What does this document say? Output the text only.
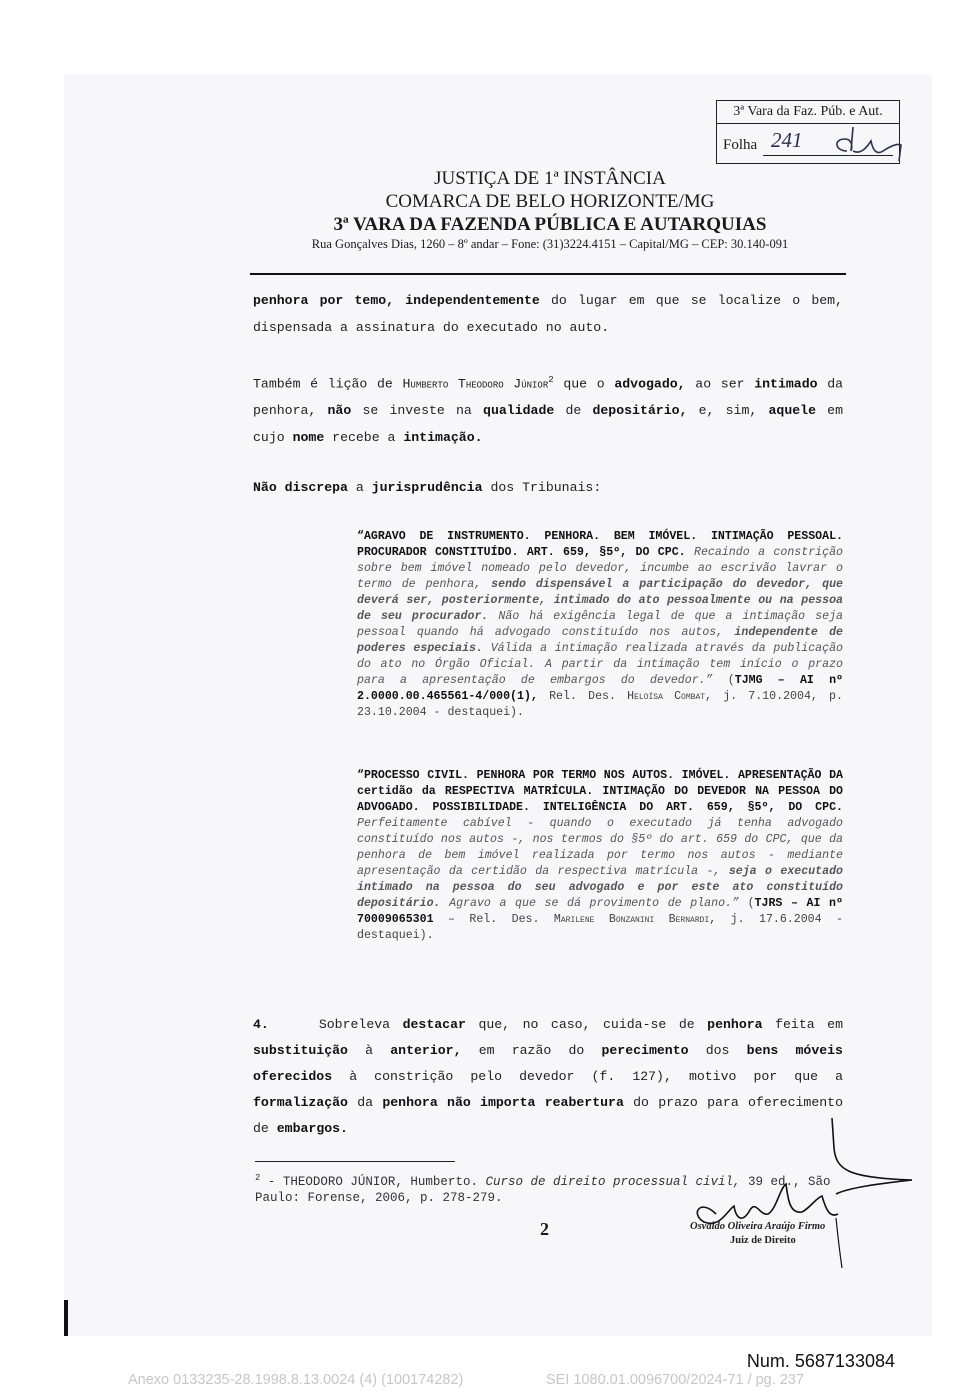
3ª Vara da Faz. Púb. e Aut.
Folha 241
JUSTIÇA DE 1ª INSTÂNCIA
COMARCA DE BELO HORIZONTE/MG
3ª VARA DA FAZENDA PÚBLICA E AUTARQUIAS
Rua Gonçalves Dias, 1260 – 8º andar – Fone: (31)3224.4151 – Capital/MG – CEP: 30.140-091
penhora por temo, independentemente do lugar em que se localize o bem, dispensada a assinatura do executado no auto.
Também é lição de Humberto Theodoro Júnior$^2$ que o advogado, ao ser intimado da penhora, não se investe na qualidade de depositário, e, sim, aquele em cujo nome recebe a intimação.
Não discrepa a jurisprudência dos Tribunais:
“AGRAVO DE INSTRUMENTO. PENHORA. BEM IMÓVEL. INTIMAÇÃO PESSOAL. PROCURADOR CONSTITUÍDO. ART. 659, §5º, DO CPC. Recaindo a constrição sobre bem imóvel nomeado pelo devedor, incumbe ao escrivão lavrar o termo de penhora, sendo dispensável a participação do devedor, que deverá ser, posteriormente, intimado do ato pessoalmente ou na pessoa de seu procurador. Não há exigência legal de que a intimação seja pessoal quando há advogado constituído nos autos, independente de poderes especiais. Válida a intimação realizada através da publicação do ato no Órgão Oficial. A partir da intimação tem início o prazo para a apresentação de embargos do devedor.” (TJMG – AI nº 2.0000.00.465561-4/000(1), Rel. Des. Heloísa Combat, j. 7.10.2004, p. 23.10.2004 - destaquei).
“PROCESSO CIVIL. PENHORA POR TERMO NOS AUTOS. IMÓVEL. APRESENTAÇÃO DA certidão da RESPECTIVA MATRÍCULA. INTIMAÇÃO DO DEVEDOR NA PESSOA DO ADVOGADO. POSSIBILIDADE. INTELIGÊNCIA DO ART. 659, §5º, DO CPC. Perfeitamente cabível - quando o executado já tenha advogado constituído nos autos -, nos termos do §5º do art. 659 do CPC, que da penhora de bem imóvel realizada por termo nos autos - mediante apresentação da certidão da respectiva matrícula -, seja o executado intimado na pessoa do seu advogado e por este ato constituído depositário. Agravo a que se dá provimento de plano.” (TJRS – AI nº 70009065301 – Rel. Des. Marilene Bonzanini Bernardi, j. 17.6.2004 - destaquei).
4.	Sobreleva destacar que, no caso, cuida-se de penhora feita em substituição à anterior, em razão do perecimento dos bens móveis oferecidos à constrição pelo devedor (f. 127), motivo por que a formalização da penhora não importa reabertura do prazo para oferecimento de embargos.
$^2$ - THEODORO JÚNIOR, Humberto. Curso de direito processual civil, 39 ed., São Paulo: Forense, 2006, p. 278-279.
2	Osvaldo Oliveira Araújo Firmo
Juiz de Direito
Num. 5687133084
Anexo 0133235-28.1998.8.13.0024 (4) (100174282)	SEI 1080.01.0096700/2024-71 / pg. 237
